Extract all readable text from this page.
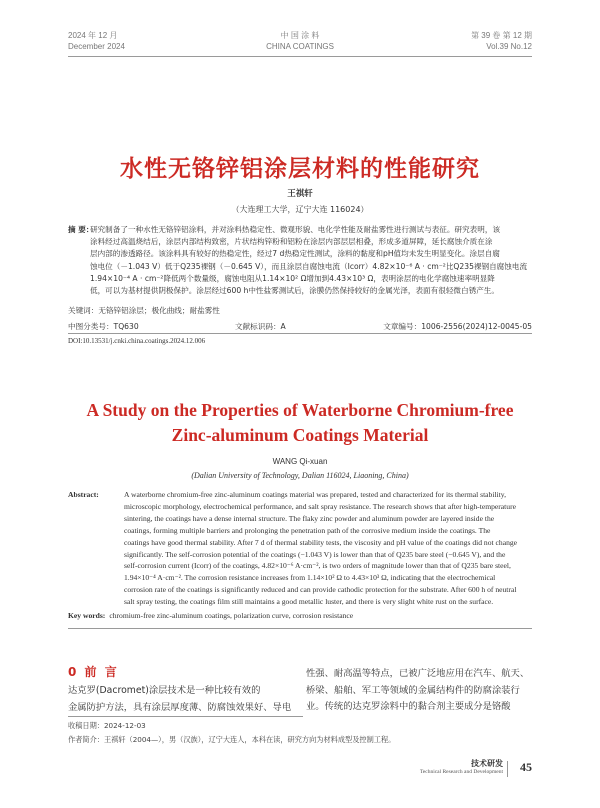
2024 年 12 月
December 2024
中 国 涂 料
CHINA COATINGS
第 39 卷 第 12 期
Vol.39 No.12
水性无铬锌铝涂层材料的性能研究
王祺轩
（大连理工大学，辽宁大连 116024）
摘 要：
研究制备了一种水性无铬锌铝涂料，并对涂料热稳定性、微观形貌、电化学性能及耐盐雾性进行测试与表征。研究表明，该
涂料经过高温烧结后，涂层内部结构致密，片状结构锌粉和铝粉在涂层内部层层相叠，形成多道屏障，延长腐蚀介质在涂
层内部的渗透路径。该涂料具有较好的热稳定性，经过7 d热稳定性测试，涂料的黏度和pH值均未发生明显变化。涂层自腐
蚀电位（－1.043 V）低于Q235裸钢（－0.645 V），而且涂层自腐蚀电流（Icorr）4.82×10⁻⁶ A · cm⁻²比Q235裸钢自腐蚀电流
1.94×10⁻⁴ A · cm⁻²降低两个数量级，腐蚀电阻从1.14×10² Ω增加到4.43×10³ Ω，表明涂层的电化学腐蚀速率明显降
低，可以为基材提供阴极保护。涂层经过600 h中性盐雾测试后，涂膜仍然保持较好的金属光泽，表面有很轻微白锈产生。
关键词：无铬锌铝涂层；极化曲线；耐盐雾性
中图分类号：TQ630	文献标识码：A	文章编号：1006-2556(2024)12-0045-05
DOI:10.13531/j.cnki.china.coatings.2024.12.006
A Study on the Properties of Waterborne Chromium-free
Zinc-aluminum Coatings Material
WANG Qi-xuan
(Dalian University of Technology, Dalian 116024, Liaoning, China)
Abstract:	A waterborne chromium-free zinc-aluminum coatings material was prepared, tested and characterized for its thermal stability,
microscopic morphology, electrochemical performance, and salt spray resistance. The research shows that after high-temperature
sintering, the coatings have a dense internal structure. The flaky zinc powder and aluminum powder are layered inside the
coatings, forming multiple barriers and prolonging the penetration path of the corrosive medium inside the coatings. The
coatings have good thermal stability. After 7 d of thermal stability tests, the viscosity and pH value of the coatings did not change
significantly. The self-corrosion potential of the coatings (−1.043 V) is lower than that of Q235 bare steel (−0.645 V), and the
self-corrosion current (Icorr) of the coatings, 4.82×10⁻⁶ A·cm⁻², is two orders of magnitude lower than that of Q235 bare steel,
1.94×10⁻⁴ A·cm⁻². The corrosion resistance increases from 1.14×10² Ω to 4.43×10³ Ω, indicating that the electrochemical
corrosion rate of the coatings is significantly reduced and can provide cathodic protection for the substrate. After 600 h of neutral
salt spray testing, the coatings film still maintains a good metallic luster, and there is very slight white rust on the surface.
Key words: chromium-free zinc-aluminum coatings, polarization curve, corrosion resistance
0 前 言

达克罗(Dacromet)涂层技术是一种比较有效的

金属防护方法，具有涂层厚度薄、防腐蚀效果好、导电

性强、耐高温等特点，已被广泛地应用在汽车、航天、

桥梁、船舶、军工等领域的金属结构件的防腐涂装行

业。传统的达克罗涂料中的黏合剂主要成分是铬酸

收稿日期：2024-12-03
作者简介：王祺轩（2004—），男（汉族），辽宁大连人，本科在读，研究方向为材料成型及控制工程。
技术研发
Technical Research and Development 45
